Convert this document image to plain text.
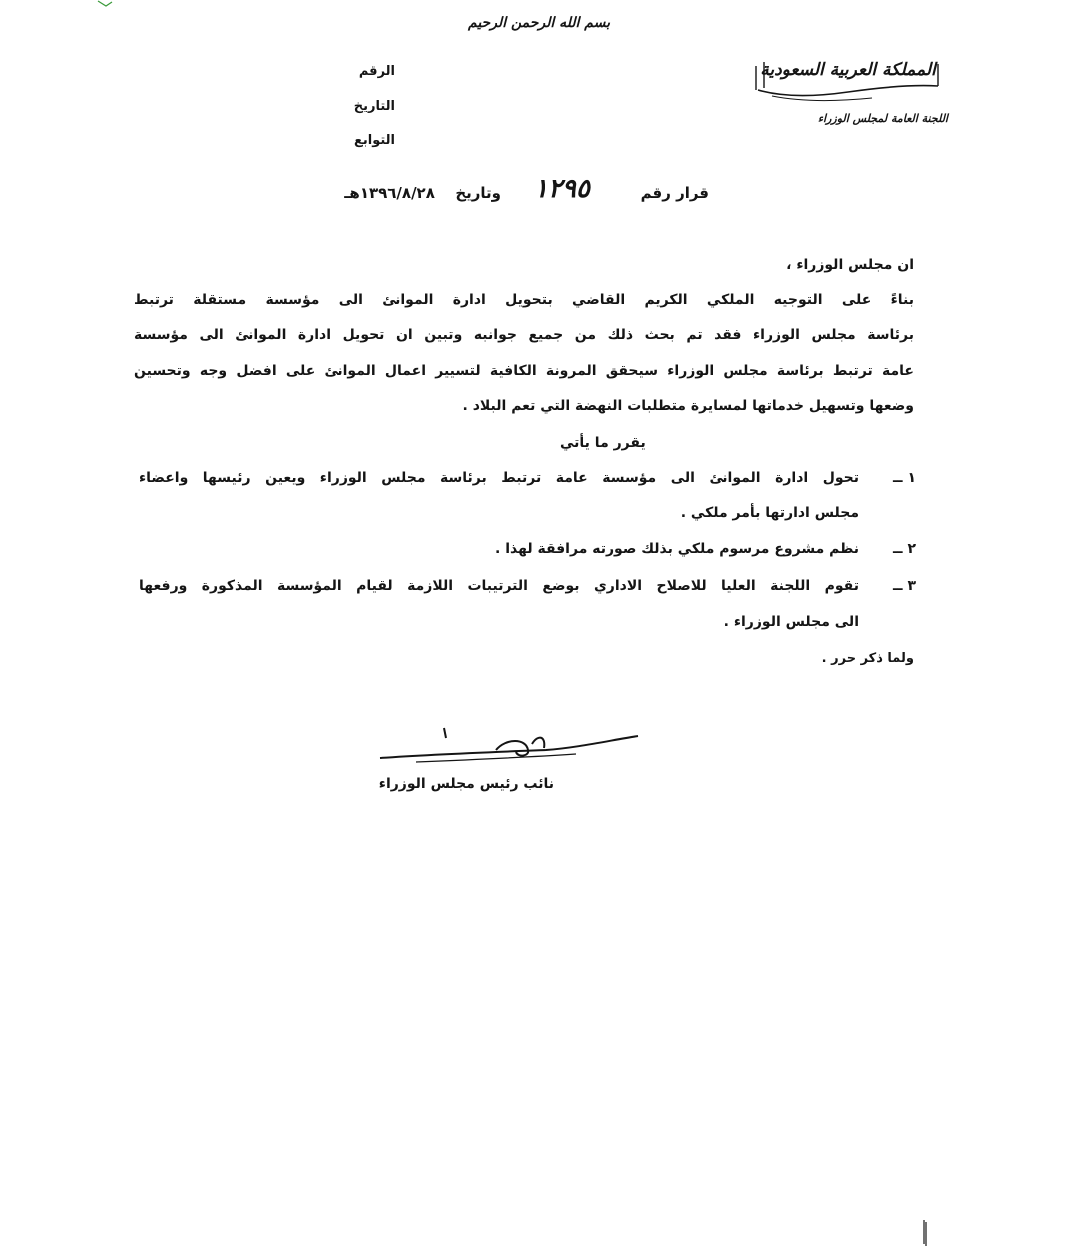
بسم الله الرحمن الرحيم
المملكة العربية السعودية
اللجنة العامة لمجلس الوزراء
الرقم
التاريخ
التوابع
قرار رقم
١٢٩٥
وتاريخ  ١٣٩٦/٨/٢٨هـ
ان مجلس الوزراء ،
بناءً على التوجيه الملكي الكريم القاضي بتحويل ادارة الموانئ الى مؤسسة مستقلة ترتبط
برئاسة مجلس الوزراء فقد تم بحث ذلك من جميع جوانبه وتبين ان تحويل ادارة الموانئ الى مؤسسة
عامة ترتبط برئاسة مجلس الوزراء سيحقق المرونة الكافية لتسيير اعمال الموانئ على افضل وجه وتحسين
وضعها وتسهيل خدماتها لمسايرة متطلبات النهضة التي تعم البلاد .
يقرر ما يأتي
١ ــ
تحول ادارة الموانئ الى مؤسسة عامة ترتبط برئاسة مجلس الوزراء ويعين رئيسها واعضاء
مجلس ادارتها بأمر ملكي .
٢ ــ
نظم مشروع مرسوم ملكي بذلك صورته مرافقة لهذا .
٣ ــ
تقوم اللجنة العليا للاصلاح الاداري بوضع الترتيبات اللازمة لقيام المؤسسة المذكورة ورفعها
الى مجلس الوزراء .
ولما ذكر حرر .
نائب رئيس مجلس الوزراء
